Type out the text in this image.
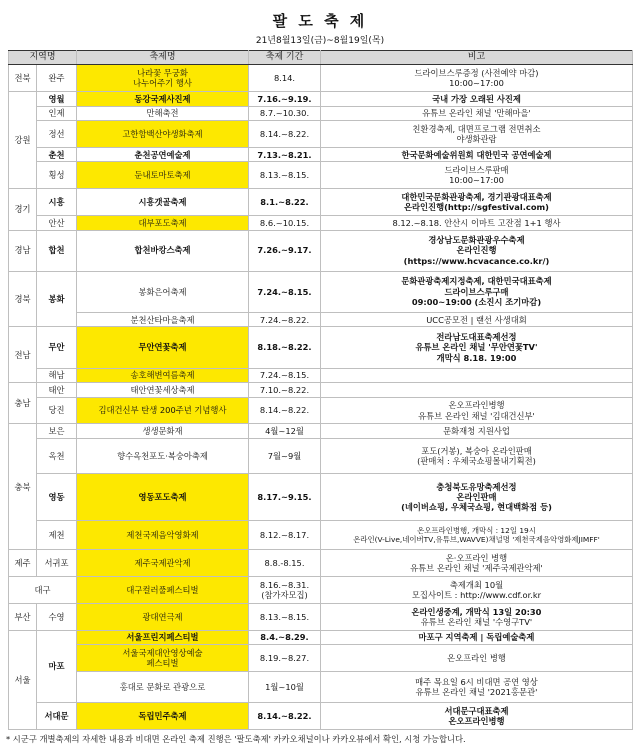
팔 도 축 제
21년8월13일(금)~8월19일(목)
지역명		축제명	축제 기간	비고
전북	완주	나라꽃 무궁화
나누어주기 행사	8.14.	드라이브스루증정 (사전예약 마감)
10:00~17:00
강원	영월	동강국제사진제	7.16.~9.19.	국내 가장 오래된 사진제
	인제	만해축전	8.7.~10.30.	유튜브 온라인 채널 '만해마을'
	정선	고한함백산야생화축제	8.14.~8.22.	친환경축제, 대면프로그램 전면취소
야생화관람
	춘천	춘천공연예술제	7.13.~8.21.	한국문화예술위원회 대한민국 공연예술제
	횡성	둔내토마토축제	8.13.~8.15.	드라이브스루판매
10:00~17:00
경기	시흥	시흥갯골축제	8.1.~8.22.	대한민국문화관광축제, 경기관광대표축제
온라인진행(http://sgfestival.com)
	안산	대부포도축제	8.6.~10.15.	8.12.~8.18. 안산시 이마트 고잔점 1+1 행사
경남	합천	합천바캉스축제	7.26.~9.17.	경상남도문화관광우수축제
온라인진행
(https://www.hcvacance.co.kr/)
경북	봉화	봉화은어축제	7.24.~8.15.	문화관광축제지정축제, 대한민국대표축제
드라이브스루구매
09:00~19:00 (소진시 조기마감)
		분천산타마을축제	7.24.~8.22.	UCC공모전 | 랜선 사생대회
전남	무안	무안연꽃축제	8.18.~8.22.	전라남도대표축제선정
유튜브 온라인 채널 '무안연꽃TV'
개막식 8.18. 19:00
	해남	송호해변여름축제	7.24.~8.15.	
충남	태안	태안연꽃세상축제	7.10.~8.22.	
	당진	김대건신부 탄생 200주년 기념행사	8.14.~8.22.	온오프라인병행
유튜브 온라인 채널 '김대건신부'
충북	보은	생생문화재	4월~12월	문화재청 지원사업
	옥천	향수옥천포도·복숭아축제	7월~9월	포도(거봉), 복숭아 온라인판매
(판매처 : 우체국쇼핑몰내기획전)
	영동	영동포도축제	8.17.~9.15.	충청북도유망축제선정
온라인판매
(네이버쇼핑, 우체국쇼핑, 현대백화점 등)
	제천	제천국제음악영화제	8.12.~8.17.	온오프라인병행, 개막식 : 12일 19시
온라인(V-Live,네이버TV,유튜브,WAVVE)채널명 '제천국제음악영화제JIMFF'
제주	서귀포	제주국제관악제	8.8.-8.15.	온·오프라인 병행
유튜브 온라인 채널 '제주국제관악제'
대구		대구컬러풀페스티벌	8.16.~8.31.
(참가자모집)	축제개최 10월
모집사이트 : http://www.cdf.or.kr
부산	수영	광대연극제	8.13.~8.15.	온라인생중계, 개막식 13일 20:30
유튜브 온라인 채널 '수영구TV'
서울	마포	서울프린지페스티벌	8.4.~8.29.	마포구 지역축제 | 독립예술축제
		서울국제대안영상예술
페스티벌	8.19.~8.27.	온오프라인 병행
		홍대로 문화로 관광으로	1월~10월	매주 목요일 6시 비대면 공연 영상
유튜브 온라인 채널 '2021홍문관'
	서대문	독립민주축제	8.14.~8.22.	서대문구대표축제
온오프라인병행
* 시군구 개별축제의 자세한 내용과 비대면 온라인 축제 진행은 '팔도축제' 카카오채널이나 카카오뷰에서 확인, 시청 가능합니다.
